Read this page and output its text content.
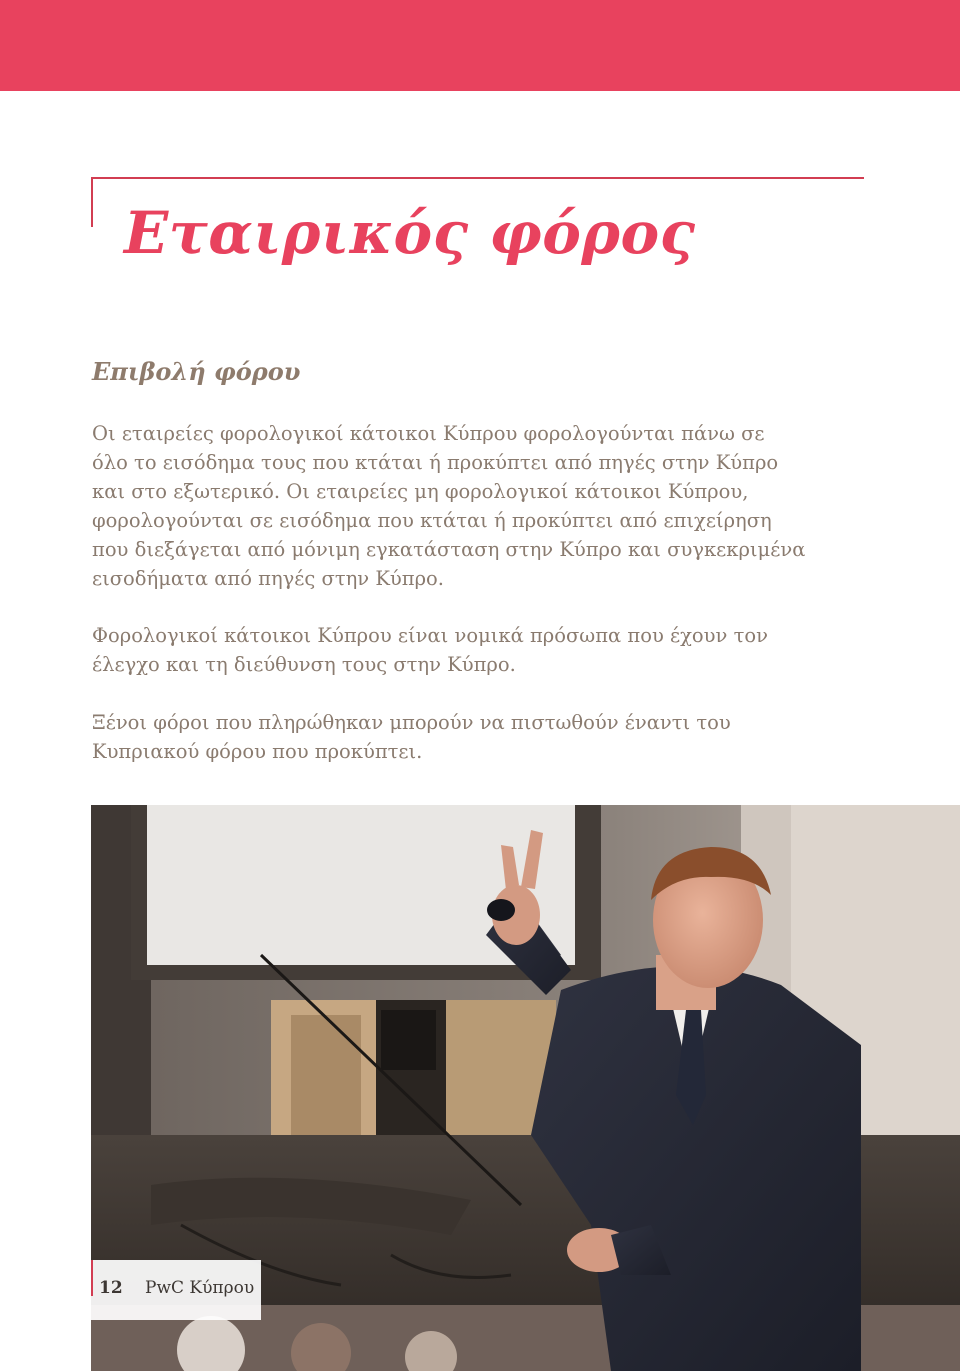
Εταιρικός φόρος
Επιβολή φόρου

Οι εταιρείες φορολογικοί κάτοικοι Κύπρου φορολογούνται πάνω σε
όλο το εισόδημα τους που κτάται ή προκύπτει από πηγές στην Κύπρο
και στο εξωτερικό. Οι εταιρείες μη φορολογικοί κάτοικοι Κύπρου,
φορολογούνται σε εισόδημα που κτάται ή προκύπτει από επιχείρηση
που διεξάγεται από μόνιμη εγκατάσταση στην Κύπρο και συγκεκριμένα
εισοδήματα από πηγές στην Κύπρο.

Φορολογικοί κάτοικοι Κύπρου είναι νομικά πρόσωπα που έχουν τον
έλεγχο και τη διεύθυνση τους στην Κύπρο.

Ξένοι φόροι που πληρώθηκαν μπορούν να πιστωθούν έναντι του
Κυπριακού φόρου που προκύπτει.

12 PwC Κύπρου
